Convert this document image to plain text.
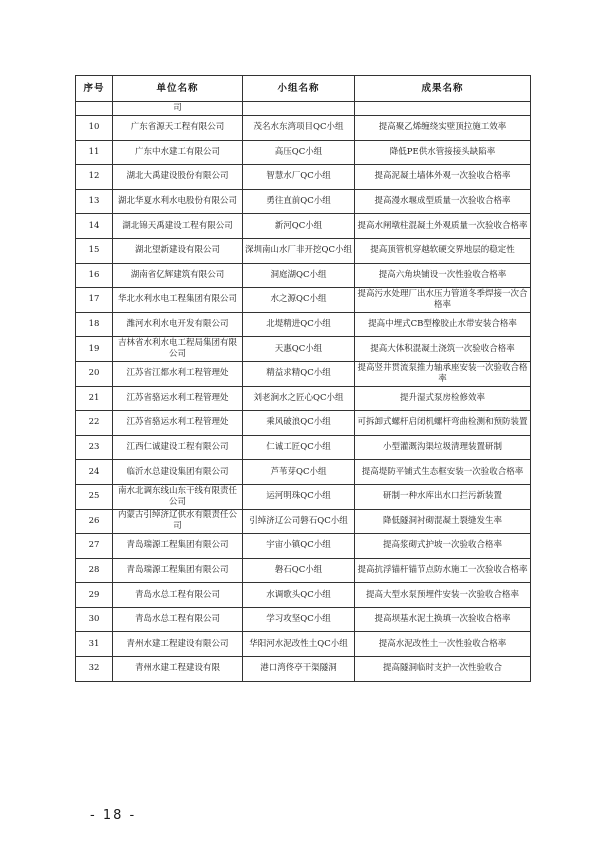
序号	单位名称	小组名称	成果名称
	司		
10	广东省源天工程有限公司	茂名水东湾项目QC小组	提高聚乙烯缠绕实壁顶拉施工效率
11	广东中水建工有限公司	高压QC小组	降低PE供水管接接头缺陷率
12	湖北大禹建设股份有限公司	智慧水厂QC小组	提高泥凝土墙体外观一次验收合格率
13	湖北华夏水利水电股份有限公司	勇往直前QC小组	提高漫水堰成型质量一次验收合格率
14	湖北锦天禹建设工程有限公司	新河QC小组	提高水闸墩柱混凝土外观质量一次验收合格率
15	湖北望新建设有限公司	深圳南山水厂非开挖QC小组	提高顶管机穿越软硬交界地层的稳定性
16	湖南省亿辉建筑有限公司	洞庭湖QC小组	提高六角块铺设一次性验收合格率
17	华北水利水电工程集团有限公司	水之源QC小组	提高污水处理厂出水压力管道冬季焊接一次合格率
18	潍河水利水电开发有限公司	北堤精进QC小组	提高中埋式CB型橡胶止水带安装合格率
19	吉林省水利水电工程局集团有限公司	天惠QC小组	提高大体积混凝土浇筑一次验收合格率
20	江苏省江都水利工程管理处	精益求精QC小组	提高竖井贯流泵推力轴承座安装一次验收合格率
21	江苏省骆运水利工程管理处	刘老涧水之匠心QC小组	提升湿式泵房检修效率
22	江苏省骆运水利工程管理处	乘风破浪QC小组	可拆卸式螺杆启闭机螺杆弯曲检测和预防装置
23	江西仁诚建设工程有限公司	仁诚工匠QC小组	小型灌溉沟渠垃圾清理装置研制
24	临沂水总建设集团有限公司	芦苇芽QC小组	提高堤防平铺式生态框安装一次验收合格率
25	南水北调东线山东干线有限责任公司	运河明珠QC小组	研制一种水库出水口拦污新装置
26	内蒙古引绰济辽供水有限责任公司	引绰济辽公司磐石QC小组	降低隧洞衬砌混凝土裂缝发生率
27	青岛瑞源工程集团有限公司	宇宙小镇QC小组	提高浆砌式护坡一次验收合格率
28	青岛瑞源工程集团有限公司	磐石QC小组	提高抗浮锚杆锚节点防水施工一次验收合格率
29	青岛水总工程有限公司	水调歌头QC小组	提高大型水泵预埋件安装一次验收合格率
30	青岛水总工程有限公司	学习攻坚QC小组	提高坝基水泥土换填一次验收合格率
31	青州水建工程建设有限公司	华阳河水泥改性土QC小组	提高水泥改性土一次性验收合格率
32	青州水建工程建设有限	港口湾佟亭干渠隧洞	提高隧洞临时支护一次性验收合
- 18 -
